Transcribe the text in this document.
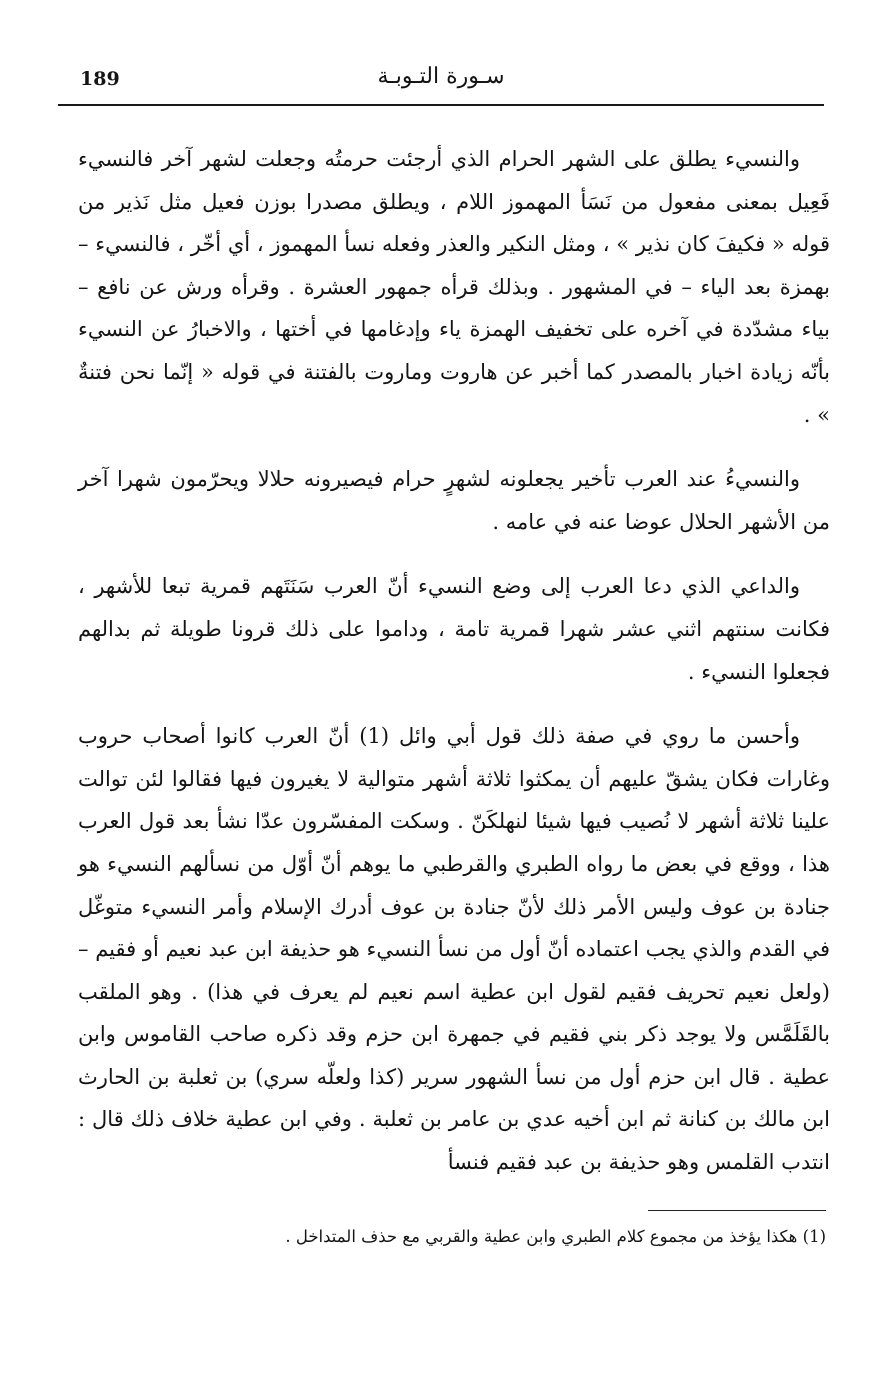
189	سـورة التـوبـة

والنسيء يطلق على الشهر الحرام الذي أرجئت حرمتُه وجعلت لشهر آخر فالنسيء فَعِيل بمعنى مفعول من نَسَأ المهموز اللام ، ويطلق مصدرا بوزن فعيل مثل نَذير من قوله « فكيفَ كان نذير » ، ومثل النكير والعذر وفعله نسأ المهموز ، أي أخّر ، فالنسيء – بهمزة بعد الياء – في المشهور . وبذلك قرأه جمهور العشرة . وقرأه ورش عن نافع – بياء مشدّدة في آخره على تخفيف الهمزة ياء وإدغامها في أختها ، والاخبارُ عن النسيء بأنّه زيادة اخبار بالمصدر كما أخبر عن هاروت وماروت بالفتنة في قوله « إنّما نحن فتنةٌ » .

والنسيءُ عند العرب تأخير يجعلونه لشهرٍ حرام فيصيرونه حلالا ويحرّمون شهرا آخر من الأشهر الحلال عوضا عنه في عامه .

والداعي الذي دعا العرب إلى وضع النسيء أنّ العرب سَنَتَهم قمرية تبعا للأشهر ، فكانت سنتهم اثني عشر شهرا قمرية تامة ، وداموا على ذلك قرونا طويلة ثم بدالهم فجعلوا النسيء .

وأحسن ما روي في صفة ذلك قول أبي وائل (1) أنّ العرب كانوا أصحاب حروب وغارات فكان يشقّ عليهم أن يمكثوا ثلاثة أشهر متوالية لا يغيرون فيها فقالوا لئن توالت علينا ثلاثة أشهر لا نُصيب فيها شيئا لنهلكَنّ . وسكت المفسّرون عدّا نشأ بعد قول العرب هذا ، ووقع في بعض ما رواه الطبري والقرطبي ما يوهم أنّ أوّل من نسألهم النسيء هو جنادة بن عوف وليس الأمر ذلك لأنّ جنادة بن عوف أدرك الإسلام وأمر النسيء متوغّل في القدم والذي يجب اعتماده أنّ أول من نسأ النسيء هو حذيفة ابن عبد نعيم أو فقيم – (ولعل نعيم تحريف فقيم لقول ابن عطية اسم نعيم لم يعرف في هذا) . وهو الملقب بالقَلَمَّس ولا يوجد ذكر بني فقيم في جمهرة ابن حزم وقد ذكره صاحب القاموس وابن عطية . قال ابن حزم أول من نسأ الشهور سرير (كذا ولعلّه سري) بن ثعلبة بن الحارث ابن مالك بن كنانة ثم ابن أخيه عدي بن عامر بن ثعلبة . وفي ابن عطية خلاف ذلك قال : انتدب القلمس وهو حذيفة بن عبد فقيم فنسأ

(1) هكذا يؤخذ من مجموع كلام الطبري وابن عطية والقربي مع حذف المتداخل .
